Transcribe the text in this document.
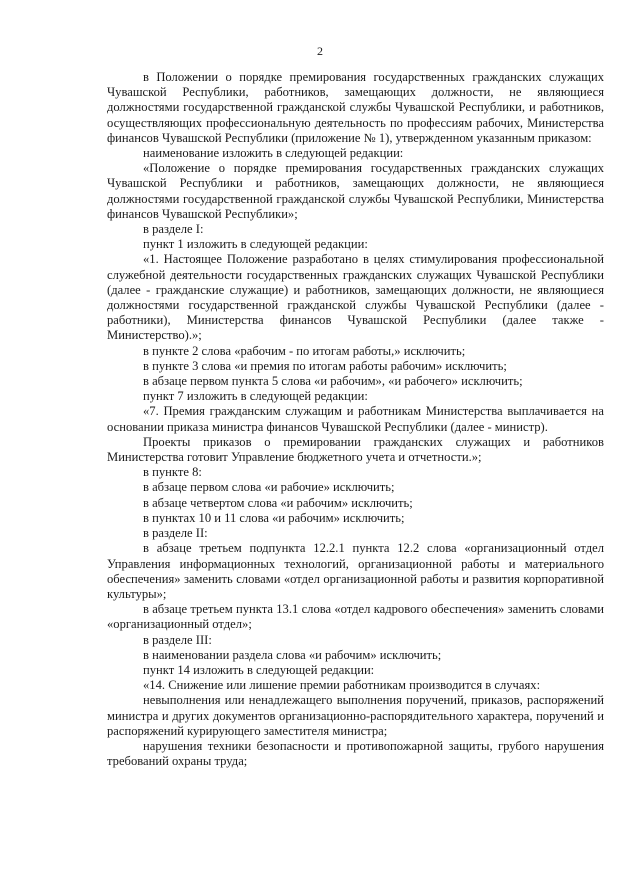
2

в Положении о порядке премирования государственных гражданских служащих Чувашской Республики, работников, замещающих должности, не являющиеся должностями государственной гражданской службы Чувашской Республики, и работников, осуществляющих профессиональную деятельность по профессиям рабочих, Министерства финансов Чувашской Республики (приложение № 1), утвержденном указанным приказом:

наименование изложить в следующей редакции:

«Положение о порядке премирования государственных гражданских служащих Чувашской Республики и работников, замещающих должности, не являющиеся должностями государственной гражданской службы Чувашской Республики, Министерства финансов Чувашской Республики»;

в разделе I:

пункт 1 изложить в следующей редакции:

«1. Настоящее Положение разработано в целях стимулирования профессиональной служебной деятельности государственных гражданских служащих Чувашской Республики (далее - гражданские служащие) и работников, замещающих должности, не являющиеся должностями государственной гражданской службы Чувашской Республики (далее - работники), Министерства финансов Чувашской Республики (далее также - Министерство).»;

в пункте 2 слова «рабочим - по итогам работы,» исключить;

в пункте 3 слова «и премия по итогам работы рабочим» исключить;

в абзаце первом пункта 5 слова «и рабочим», «и рабочего» исключить;

пункт 7 изложить в следующей редакции:

«7. Премия гражданским служащим и работникам Министерства выплачивается на основании приказа министра финансов Чувашской Республики (далее - министр).

Проекты приказов о премировании гражданских служащих и работников Министерства готовит Управление бюджетного учета и отчетности.»;

в пункте 8:

в абзаце первом слова «и рабочие» исключить;

в абзаце четвертом слова «и рабочим» исключить;

в пунктах 10 и 11 слова «и рабочим» исключить;

в разделе II:

в абзаце третьем подпункта 12.2.1 пункта 12.2 слова «организационный отдел Управления информационных технологий, организационной работы и материального обеспечения» заменить словами «отдел организационной работы и развития корпоративной культуры»;

в абзаце третьем пункта 13.1 слова «отдел кадрового обеспечения» заменить словами «организационный отдел»;

в разделе III:

в наименовании раздела слова «и рабочим» исключить;

пункт 14 изложить в следующей редакции:

«14. Снижение или лишение премии работникам производится в случаях:

невыполнения или ненадлежащего выполнения поручений, приказов, распоряжений министра и других документов организационно-распорядительного характера, поручений и распоряжений курирующего заместителя министра;

нарушения техники безопасности и противопожарной защиты, грубого нарушения требований охраны труда;
